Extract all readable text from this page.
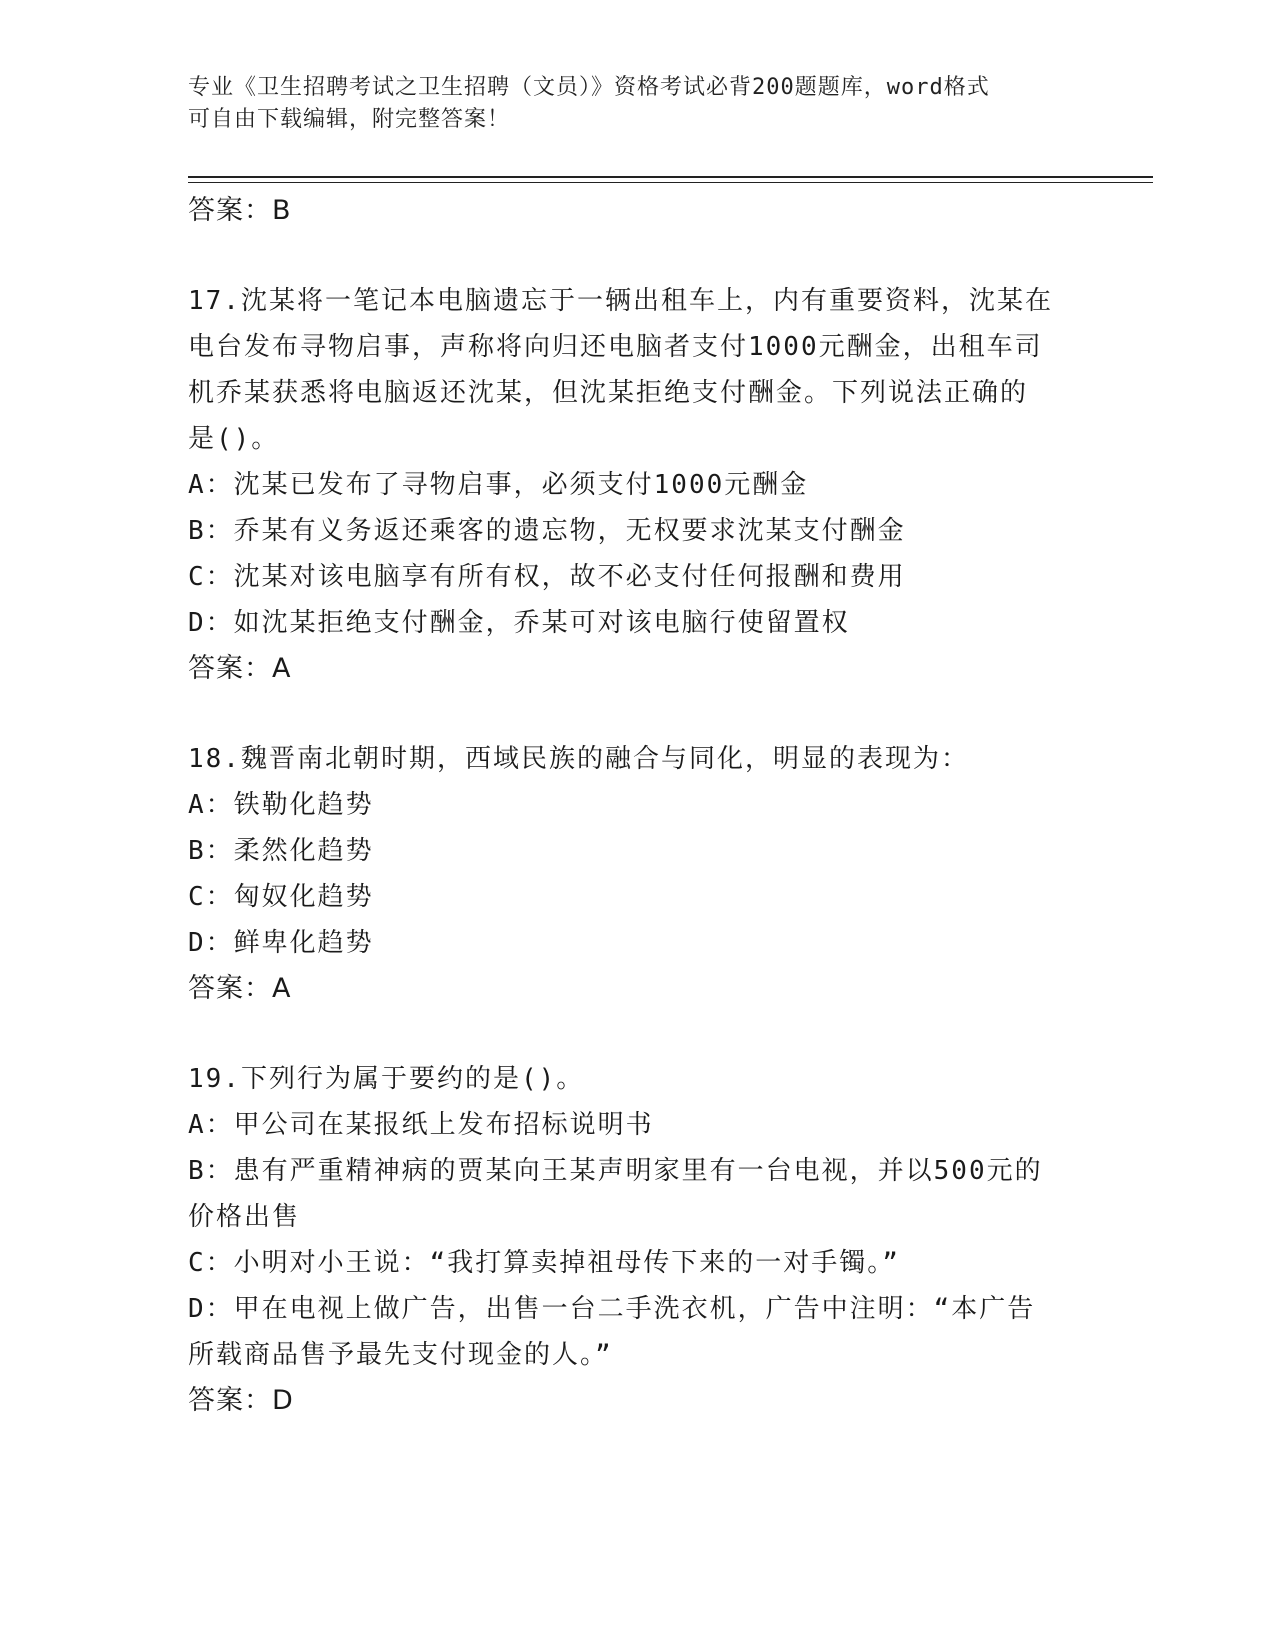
专业《卫生招聘考试之卫生招聘（文员）》资格考试必背200题题库，word格式
可自由下载编辑，附完整答案！
答案：B
17.沈某将一笔记本电脑遗忘于一辆出租车上，内有重要资料，沈某在
电台发布寻物启事，声称将向归还电脑者支付1000元酬金，出租车司
机乔某获悉将电脑返还沈某，但沈某拒绝支付酬金。下列说法正确的
是()。
A：沈某已发布了寻物启事，必须支付1000元酬金
B：乔某有义务返还乘客的遗忘物，无权要求沈某支付酬金
C：沈某对该电脑享有所有权，故不必支付任何报酬和费用
D：如沈某拒绝支付酬金，乔某可对该电脑行使留置权
答案：A
18.魏晋南北朝时期，西域民族的融合与同化，明显的表现为：
A：铁勒化趋势
B：柔然化趋势
C：匈奴化趋势
D：鲜卑化趋势
答案：A
19.下列行为属于要约的是()。
A：甲公司在某报纸上发布招标说明书
B：患有严重精神病的贾某向王某声明家里有一台电视，并以500元的
价格出售
C：小明对小王说：“我打算卖掉祖母传下来的一对手镯。”
D：甲在电视上做广告，出售一台二手洗衣机，广告中注明：“本广告
所载商品售予最先支付现金的人。”
答案：D
